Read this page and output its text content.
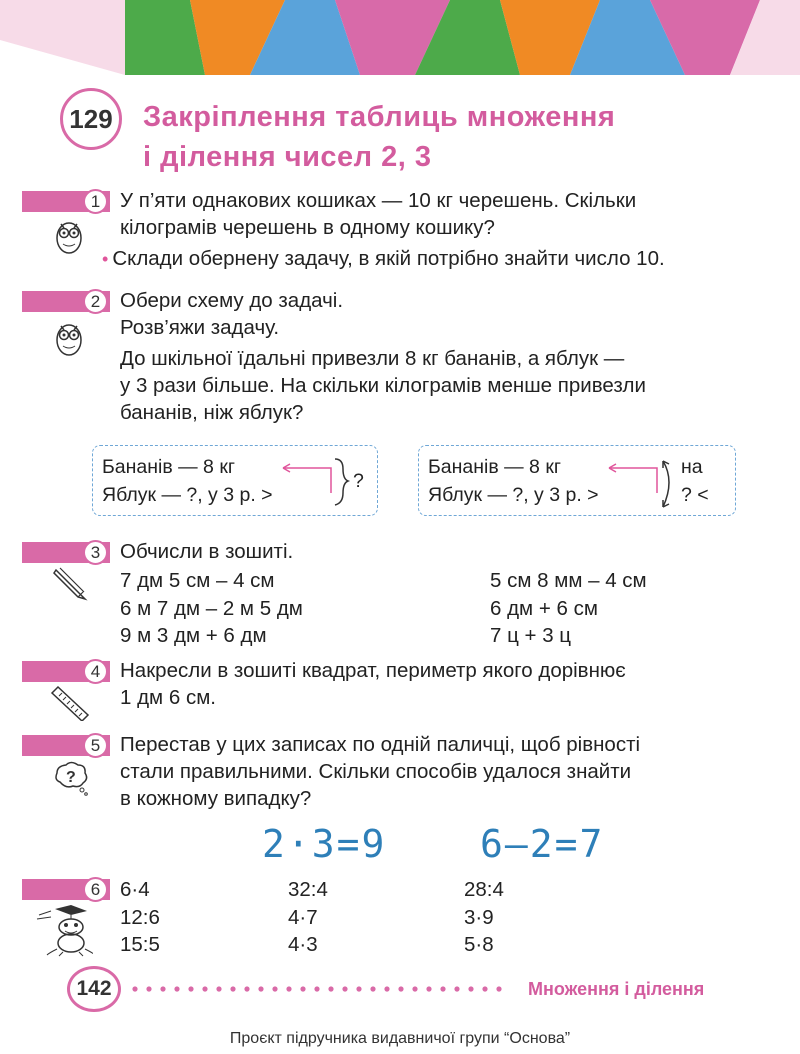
129	Закріплення таблиць множення
і ділення чисел 2, 3
1 У п’яти однакових кошиках — 10 кг черешень. Скільки
кілограмів черешень в одному кошику?
• Склади обернену задачу, в якій потрібно знайти число 10.
2 Обери схему до задачі.
Розв’яжи задачу.
До шкільної їдальні привезли 8 кг бананів, а яблук —
у 3 рази більше. На скільки кілограмів менше привезли
бананів, ніж яблук?
Бананів — 8 кг
Яблук — ?, у 3 р. >
?
Бананів — 8 кг
Яблук — ?, у 3 р. >
на
? <
3 Обчисли в зошиті.
7 дм 5 см – 4 см
6 м 7 дм – 2 м 5 дм
9 м 3 дм + 6 дм
5 см 8 мм – 4 см
6 дм + 6 см
7 ц + 3 ц
4 Накресли в зошиті квадрат, периметр якого дорівнює
1 дм 6 см.
5
?
Перестав у цих записах по одній паличці, щоб рівності
стали правильними. Скільки способів удалося знайти
в кожному випадку?
2·3=9 6–2=7
6 6·4
12:6
15:5
32:4
4·7
4·3
28:4
3·9
5·8
142	Множення і ділення
Проєкт підручника видавничої групи “Основа”
